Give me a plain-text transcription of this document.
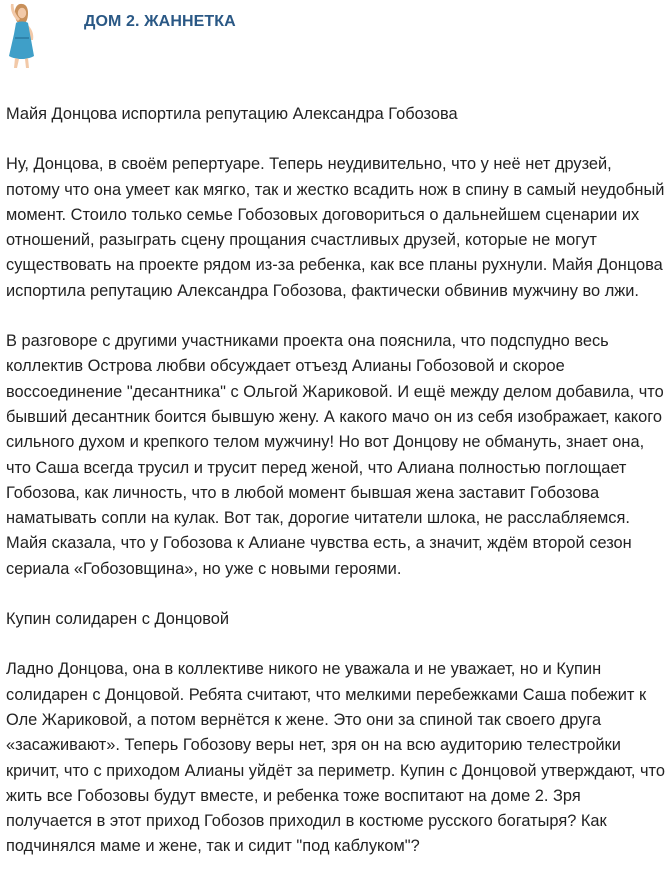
ДОМ 2. ЖАННЕТКА

Майя Донцова испортила репутацию Александра Гобозова

Ну, Донцова, в своём репертуаре. Теперь неудивительно, что у неё нет друзей, потому что она умеет как мягко, так и жестко всадить нож в спину в самый неудобный момент. Стоило только семье Гобозовых договориться о дальнейшем сценарии их отношений, разыграть сцену прощания счастливых друзей, которые не могут существовать на проекте рядом из-за ребенка, как все планы рухнули. Майя Донцова испортила репутацию Александра Гобозова, фактически обвинив мужчину во лжи.

В разговоре с другими участниками проекта она пояснила, что подспудно весь коллектив Острова любви обсуждает отъезд Алианы Гобозовой и скорое воссоединение "десантника" с Ольгой Жариковой. И ещё между делом добавила, что бывший десантник боится бывшую жену. А какого мачо он из себя изображает, какого сильного духом и крепкого телом мужчину! Но вот Донцову не обмануть, знает она, что Саша всегда трусил и трусит перед женой, что Алиана полностью поглощает Гобозова, как личность, что в любой момент бывшая жена заставит Гобозова наматывать сопли на кулак. Вот так, дорогие читатели шлока, не расслабляемся. Майя сказала, что у Гобозова к Алиане чувства есть, а значит, ждём второй сезон сериала «Гобозовщина», но уже с новыми героями.

Купин солидарен с Донцовой

Ладно Донцова, она в коллективе никого не уважала и не уважает, но и Купин солидарен с Донцовой. Ребята считают, что мелкими перебежками Саша побежит к Оле Жариковой, а потом вернётся к жене. Это они за спиной так своего друга «засаживают». Теперь Гобозову веры нет, зря он на всю аудиторию телестройки кричит, что с приходом Алианы уйдёт за периметр. Купин с Донцовой утверждают, что жить все Гобозовы будут вместе, и ребенка тоже воспитают на доме 2. Зря получается в этот приход Гобозов приходил в костюме русского богатыря? Как подчинялся маме и жене, так и сидит "под каблуком"?
